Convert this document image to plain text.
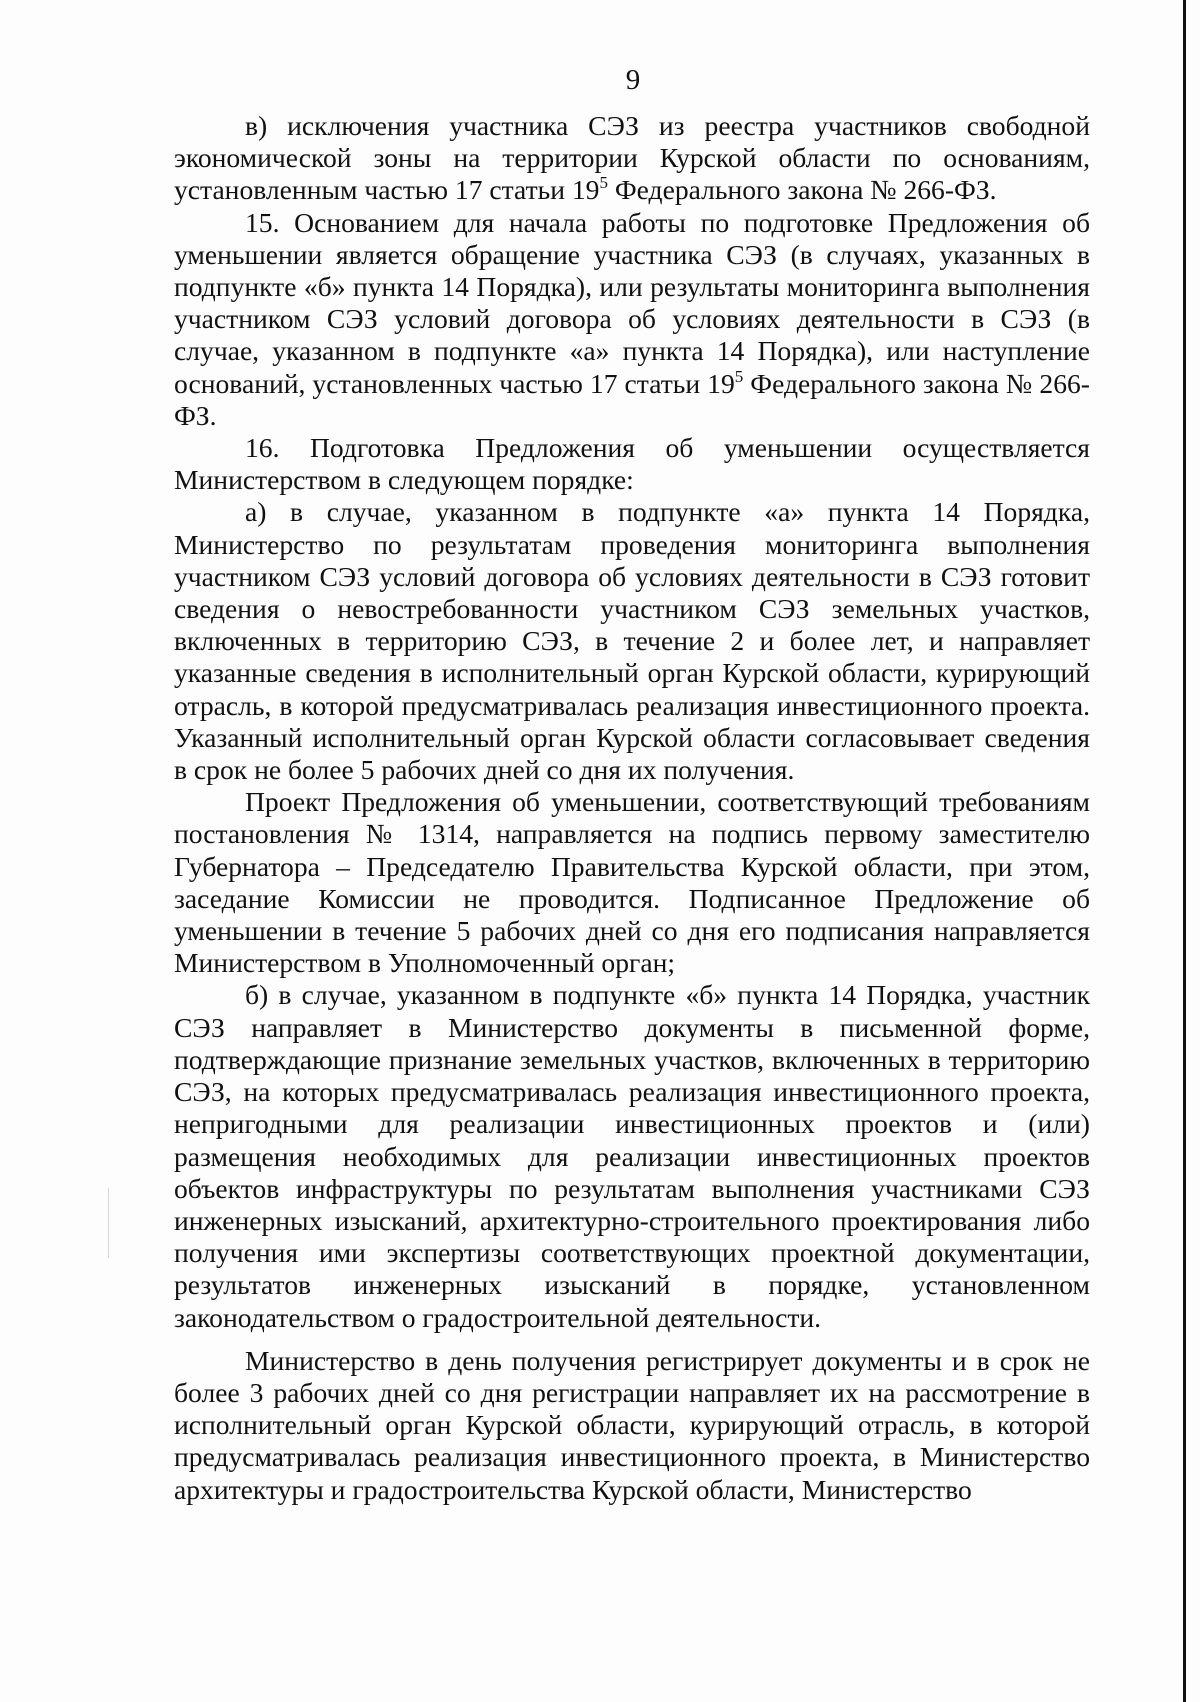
9

в) исключения участника СЭЗ из реестра участников свободной экономической зоны на территории Курской области по основаниям, установленным частью 17 статьи $19^5$ Федерального закона № 266-ФЗ.

15. Основанием для начала работы по подготовке Предложения об уменьшении является обращение участника СЭЗ (в случаях, указанных в подпункте «б» пункта 14 Порядка), или результаты мониторинга выполнения участником СЭЗ условий договора об условиях деятельности в СЭЗ (в случае, указанном в подпункте «а» пункта 14 Порядка), или наступление оснований, установленных частью 17 статьи $19^5$ Федерального закона № 266-ФЗ.

16. Подготовка Предложения об уменьшении осуществляется Министерством в следующем порядке:

а) в случае, указанном в подпункте «а» пункта 14 Порядка, Министерство по результатам проведения мониторинга выполнения участником СЭЗ условий договора об условиях деятельности в СЭЗ готовит сведения о невостребованности участником СЭЗ земельных участков, включенных в территорию СЭЗ, в течение 2 и более лет, и направляет указанные сведения в исполнительный орган Курской области, курирующий отрасль, в которой предусматривалась реализация инвестиционного проекта. Указанный исполнительный орган Курской области согласовывает сведения в срок не более 5 рабочих дней со дня их получения.

Проект Предложения об уменьшении, соответствующий требованиям постановления № 1314, направляется на подпись первому заместителю Губернатора – Председателю Правительства Курской области, при этом, заседание Комиссии не проводится. Подписанное Предложение об уменьшении в течение 5 рабочих дней со дня его подписания направляется Министерством в Уполномоченный орган;

б) в случае, указанном в подпункте «б» пункта 14 Порядка, участник СЭЗ направляет в Министерство документы в письменной форме, подтверждающие признание земельных участков, включенных в территорию СЭЗ, на которых предусматривалась реализация инвестиционного проекта, непригодными для реализации инвестиционных проектов и (или) размещения необходимых для реализации инвестиционных проектов объектов инфраструктуры по результатам выполнения участниками СЭЗ инженерных изысканий, архитектурно-строительного проектирования либо получения ими экспертизы соответствующих проектной документации, результатов инженерных изысканий в порядке, установленном законодательством о градостроительной деятельности.

Министерство в день получения регистрирует документы и в срок не более 3 рабочих дней со дня регистрации направляет их на рассмотрение в исполнительный орган Курской области, курирующий отрасль, в которой предусматривалась реализация инвестиционного проекта, в Министерство архитектуры и градостроительства Курской области, Министерство
